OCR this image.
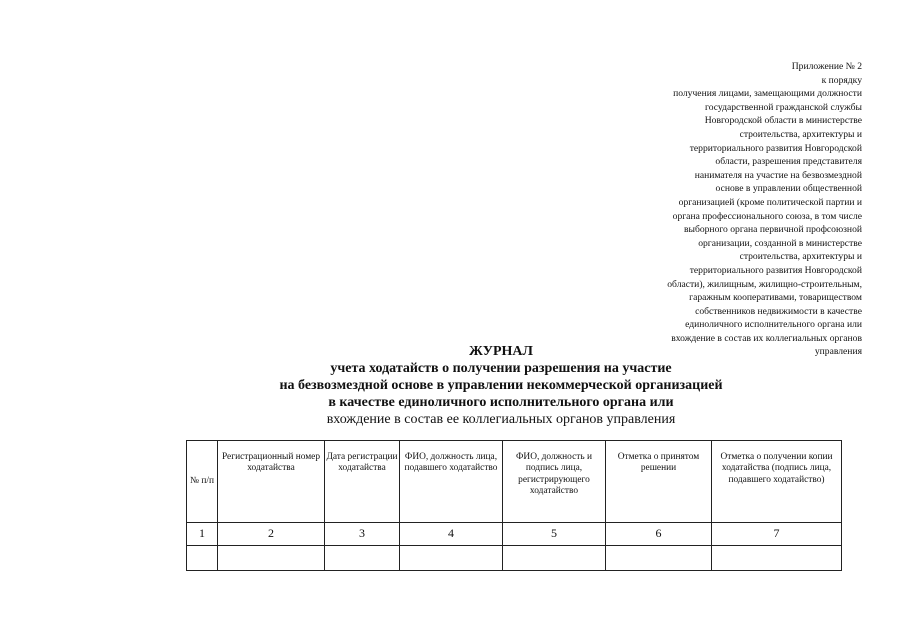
Приложение № 2
к порядку
получения лицами, замещающими должности
государственной гражданской службы
Новгородской области в министерстве
строительства, архитектуры и
территориального развития Новгородской
области, разрешения представителя
нанимателя на участие на безвозмездной
основе в управлении общественной
организацией (кроме политической партии и
органа профессионального союза, в том числе
выборного органа первичной профсоюзной
организации, созданной в министерстве
строительства, архитектуры и
территориального развития Новгородской
области), жилищным, жилищно-строительным,
гаражным кооперативами, товариществом
собственников недвижимости в качестве
единоличного исполнительного органа или
вхождение в состав их коллегиальных органов
управления
ЖУРНАЛ
учета ходатайств о получении разрешения на участие
на безвозмездной основе в управлении некоммерческой организацией
в качестве единоличного исполнительного органа или
вхождение в состав ее коллегиальных органов управления
№ п/п	Регистрационный номер ходатайства	Дата регистрации ходатайства	ФИО, должность лица, подавшего ходатайство	ФИО, должность и подпись лица, регистрирующего ходатайство	Отметка о принятом решении	Отметка о получении копии ходатайства (подпись лица, подавшего ходатайство)
1	2	3	4	5	6	7
